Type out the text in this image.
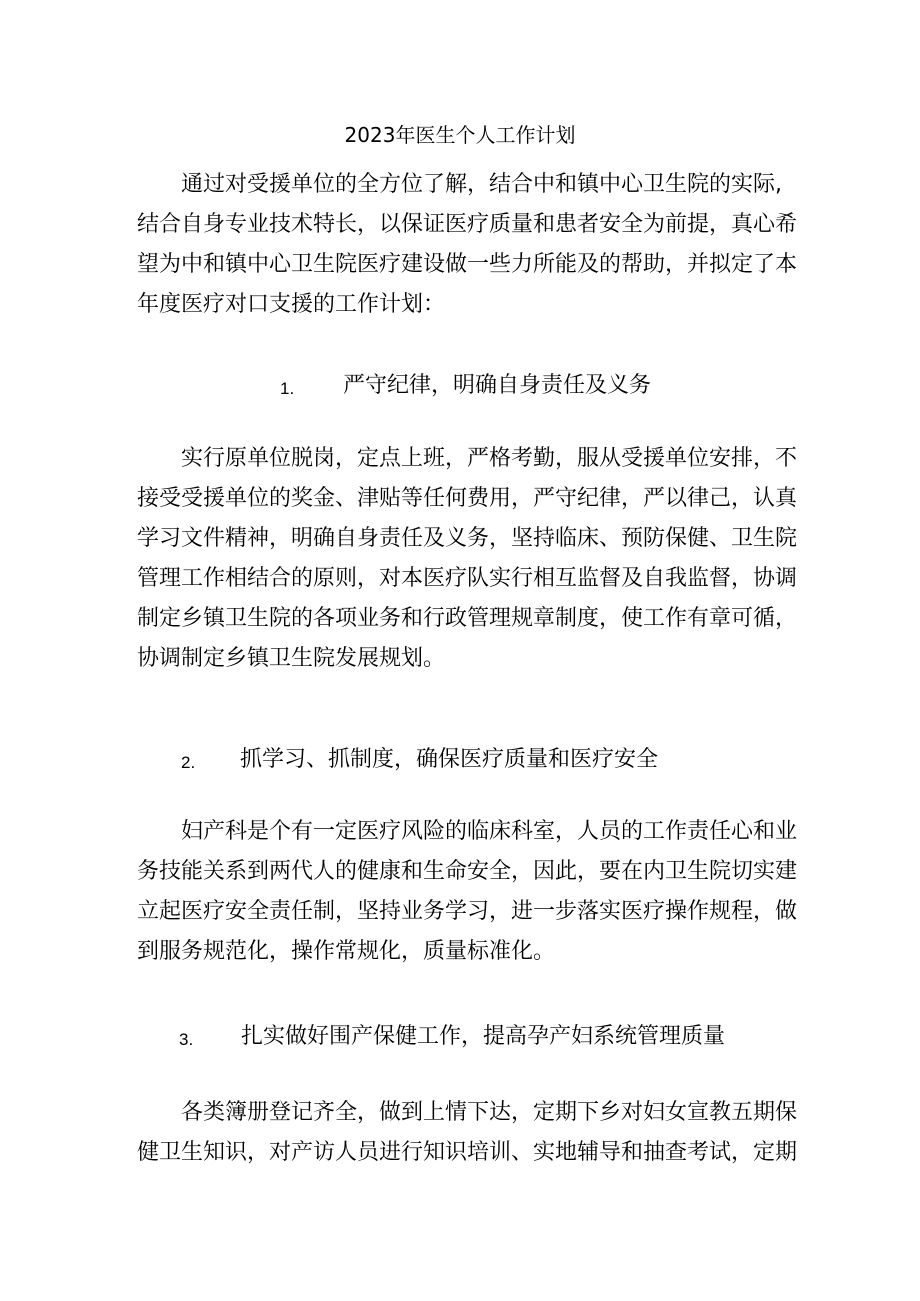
2023年医生个人工作计划

通过对受援单位的全方位了解，结合中和镇中心卫生院的实际,
结合自身专业技术特长，以保证医疗质量和患者安全为前提，真心希
望为中和镇中心卫生院医疗建设做一些力所能及的帮助，并拟定了本
年度医疗对口支援的工作计划：

1. 严守纪律，明确自身责任及义务

实行原单位脱岗，定点上班，严格考勤，服从受援单位安排，不
接受受援单位的奖金、津贴等任何费用，严守纪律，严以律己，认真
学习文件精神，明确自身责任及义务，坚持临床、预防保健、卫生院
管理工作相结合的原则，对本医疗队实行相互监督及自我监督，协调
制定乡镇卫生院的各项业务和行政管理规章制度，使工作有章可循，
协调制定乡镇卫生院发展规划。

2. 抓学习、抓制度，确保医疗质量和医疗安全

妇产科是个有一定医疗风险的临床科室，人员的工作责任心和业
务技能关系到两代人的健康和生命安全，因此，要在内卫生院切实建
立起医疗安全责任制，坚持业务学习，进一步落实医疗操作规程，做
到服务规范化，操作常规化，质量标准化。

3. 扎实做好围产保健工作，提高孕产妇系统管理质量

各类簿册登记齐全，做到上情下达，定期下乡对妇女宣教五期保
健卫生知识，对产访人员进行知识培训、实地辅导和抽查考试，定期
